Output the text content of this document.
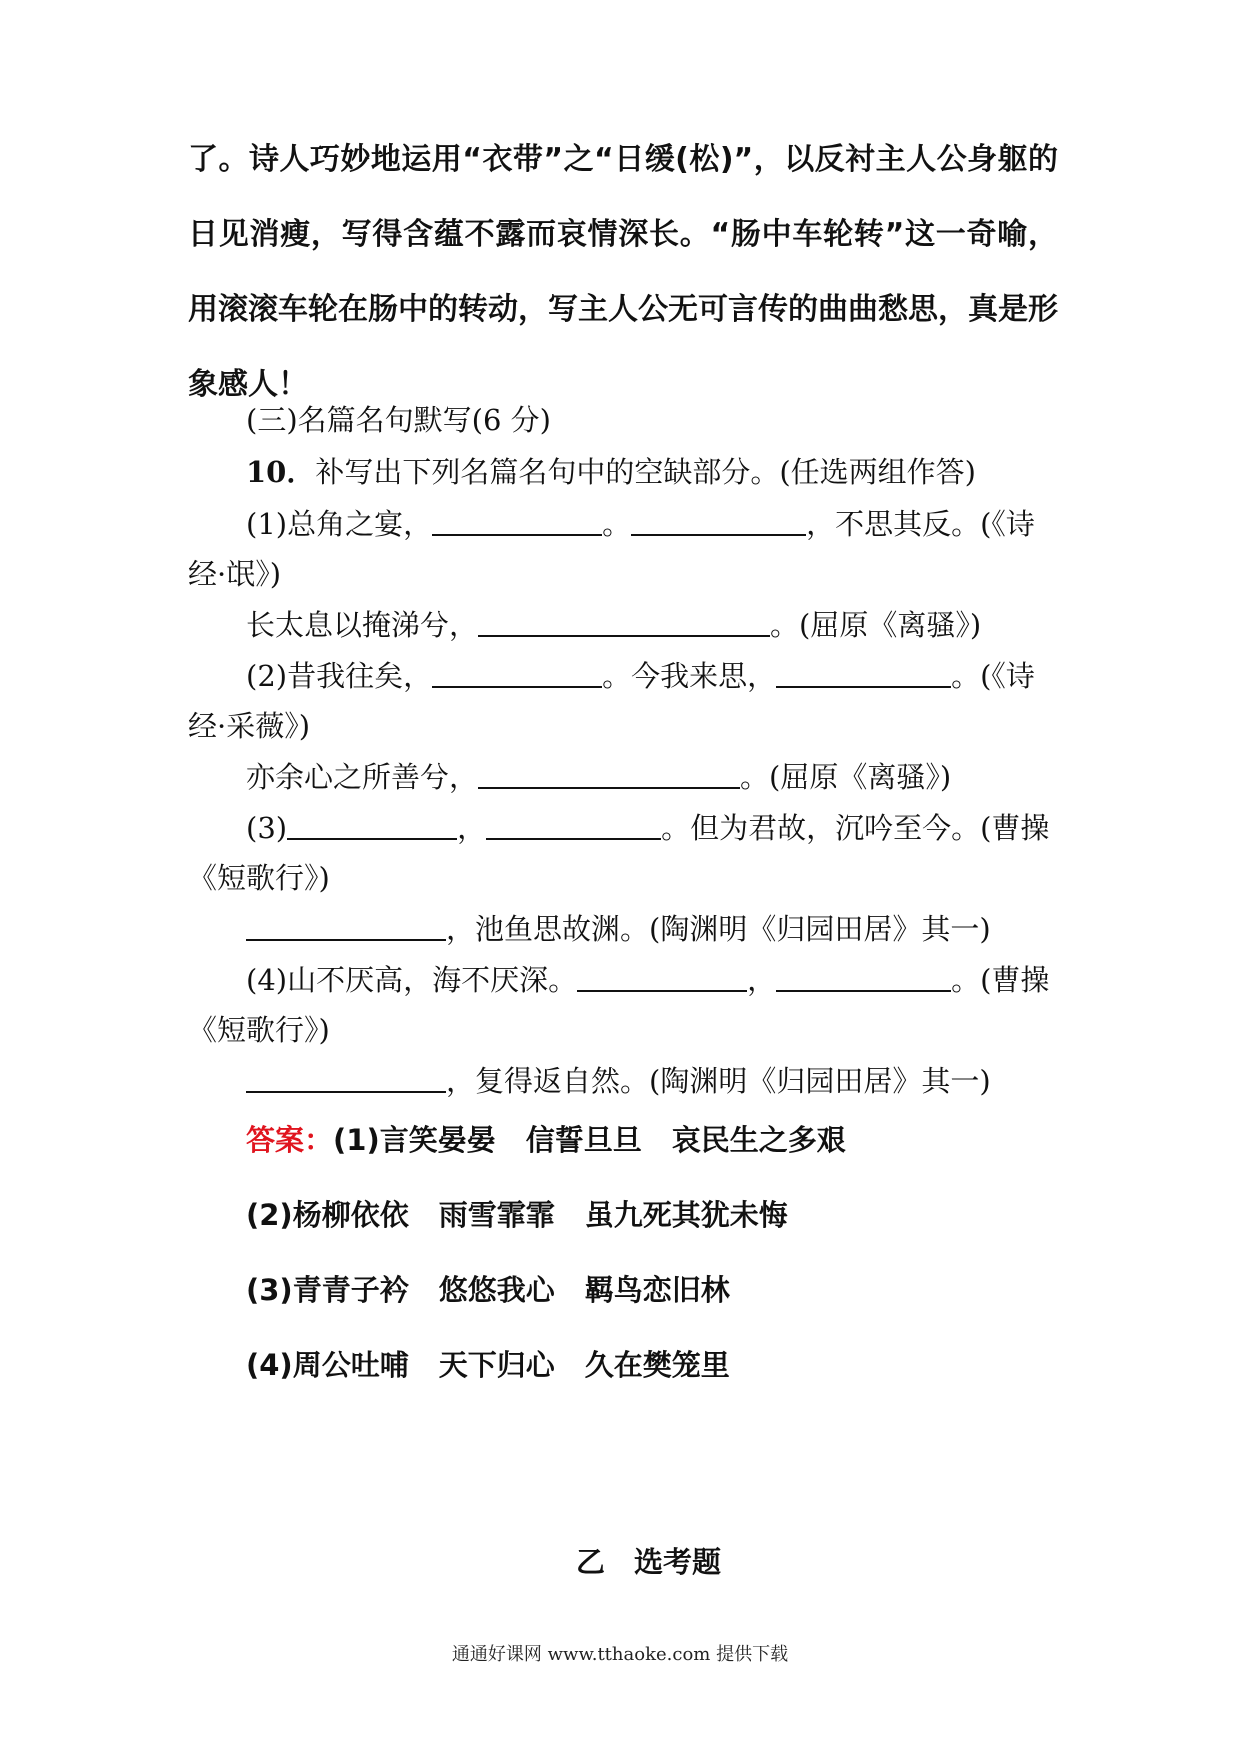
了。诗人巧妙地运用“衣带”之“日缓(松)”，以反衬主人公身躯的日见消瘦，写得含蕴不露而哀情深长。“肠中车轮转”这一奇喻，用滚滚车轮在肠中的转动，写主人公无可言传的曲曲愁思，真是形象感人！

(三)名篇名句默写(6 分)

10．补写出下列名篇名句中的空缺部分。(任选两组作答)

(1)总角之宴，	。	，不思其反。(《诗

经·氓》)

长太息以掩涕兮，	。(屈原《离骚》)

(2)昔我往矣，	。今我来思，	。(《诗

经·采薇》)

亦余心之所善兮，	。(屈原《离骚》)

(3)	，	。但为君故，沉吟至今。(曹操

《短歌行》)

，池鱼思故渊。(陶渊明《归园田居》其一)

(4)山不厌高，海不厌深。	，	。(曹操

《短歌行》)

，复得返自然。(陶渊明《归园田居》其一)

答案：(1)言笑晏晏 信誓旦旦 哀民生之多艰

(2)杨柳依依 雨雪霏霏 虽九死其犹未悔

(3)青青子衿 悠悠我心 羁鸟恋旧林

(4)周公吐哺 天下归心 久在樊笼里

乙　选考题

通通好课网 www.tthaoke.com 提供下载
